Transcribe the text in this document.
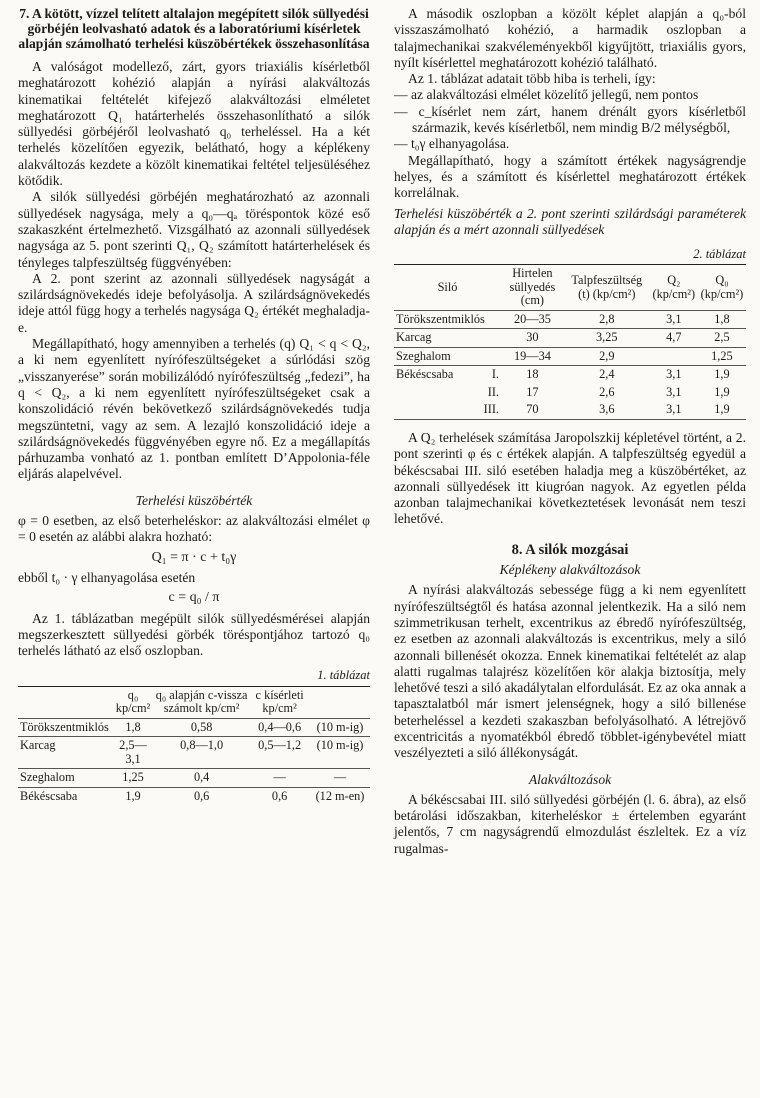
7. A kötött, vízzel telített altalajon megépített silók süllyedési görbéjén leolvasható adatok és a laboratóriumi kísérletek alapján számolható terhelési küszöbértékek összehasonlítása

A valóságot modellező, zárt, gyors triaxiális kísérletből meghatározott kohézió alapján a nyírási alakváltozás kinematikai feltételét kifejező alakváltozási elméletet meghatározott Q₁ határterhelés összehasonlítható a silók süllyedési görbéjéről leolvasható q₀ terheléssel. Ha a két terhelés közelítően egyezik, belátható, hogy a képlékeny alakváltozás kezdete a közölt kinematikai feltétel teljesüléséhez kötődik.

A silók süllyedési görbéjén meghatározható az azonnali süllyedések nagysága, mely a q₀—qₐ töréspontok közé eső szakaszként értelmezhető. Vizsgálható az azonnali süllyedések nagysága az 5. pont szerinti Q₁, Q₂ számított határterhelések és tényleges talpfeszültség függvényében:

A 2. pont szerint az azonnali süllyedések nagyságát a szilárdságnövekedés ideje befolyásolja. A szilárdságnövekedés ideje attól függ hogy a terhelés nagysága Q₂ értékét meghaladja-e.

Megállapítható, hogy amennyiben a terhelés (q) Q₁ < q < Q₂, a ki nem egyenlített nyírófeszültségeket a súrlódási szög „visszanyerése” során mobilizálódó nyírófeszültség „fedezi”, ha q < Q₂, a ki nem egyenlített nyírófeszültségeket csak a konszolidáció révén bekövetkező szilárdságnövekedés tudja megszüntetni, vagy az sem. A lezajló konszolidáció ideje a szilárdságnövekedés függvényében egyre nő. Ez a megállapítás párhuzamba vonható az 1. pontban említett D’Appolonia-féle eljárás alapelvével.

Terhelési küszöbérték

φ = 0 esetben, az első beterheléskor: az alakváltozási elmélet φ = 0 esetén az alábbi alakra hozható:

Q₁ = π · c + t₀γ

ebből t₀ · γ elhanyagolása esetén

c = q₀ / π

Az 1. táblázatban megépült silók süllyedésmérései alapján megszerkesztett süllyedési görbék töréspontjához tartozó q₀ terhelés látható az első oszlopban.

1. táblázat

	q₀ kp/cm²	q₀ alapján c-vissza számolt kp/cm²	c kísérleti kp/cm²	
Törökszentmiklós	1,8	0,58	0,4—0,6	(10 m-ig)
Karcag	2,5—3,1	0,8—1,0	0,5—1,2	(10 m-ig)
Szeghalom	1,25	0,4	—	—
Békéscsaba	1,9	0,6	0,6	(12 m-en)

A második oszlopban a közölt képlet alapján a q₀-ból visszaszámolható kohézió, a harmadik oszlopban a talajmechanikai szakvéleményekből kigyűjtött, triaxiális gyors, nyílt kísérlettel meghatározott kohézió található.

Az 1. táblázat adatait több hiba is terheli, így:

— az alakváltozási elmélet közelítő jellegű, nem pontos

— c_kísérlet nem zárt, hanem drénált gyors kísérletből származik, kevés kísérletből, nem mindig B/2 mélységből,

— t₀γ elhanyagolása.

Megállapítható, hogy a számított értékek nagyságrendje helyes, és a számított és kísérlettel meghatározott értékek korrelálnak.

Terhelési küszöbérték a 2. pont szerinti szilárdsági paraméterek alapján és a mért azonnali süllyedések

2. táblázat

Siló	Hirtelen süllyedés (cm)	Talpfeszültség (t) (kp/cm²)	Q₂ (kp/cm²)	Q₀ (kp/cm²)
Törökszentmiklós	20—35	2,8	3,1	1,8
Karcag	30	3,25	4,7	2,5
Szeghalom	19—34	2,9		1,25
Békéscsaba I.	18	2,4	3,1	1,9

II.	17	2,6	3,1	1,9

III.	70	3,6	3,1	1,9

A Q₂ terhelések számítása Jaropolszkij képletével történt, a 2. pont szerinti φ és c értékek alapján. A talpfeszültség egyedül a békéscsabai III. siló esetében haladja meg a küszöbértéket, az azonnali süllyedések itt kiugróan nagyok. Az egyetlen példa azonban talajmechanikai következtetések levonását nem teszi lehetővé.

8. A silók mozgásai

Képlékeny alakváltozások

A nyírási alakváltozás sebessége függ a ki nem egyenlített nyírófeszültségtől és hatása azonnal jelentkezik. Ha a siló nem szimmetrikusan terhelt, excentrikus az ébredő nyírófeszültség, ez esetben az azonnali alakváltozás is excentrikus, mely a siló azonnali billenését okozza. Ennek kinematikai feltételét az alap alatti rugalmas talajrész közelítően kör alakja biztosítja, mely lehetővé teszi a siló akadálytalan elfordulását. Ez az oka annak a tapasztalatból már ismert jelenségnek, hogy a siló billenése beterheléssel a kezdeti szakaszban befolyásolható. A létrejövő excentricitás a nyomatékból ébredő többlet-igénybevétel miatt veszélyezteti a siló állékonyságát.

Alakváltozások

A békéscsabai III. siló süllyedési görbéjén (l. 6. ábra), az első betárolási időszakban, kiterheléskor ± értelemben egyaránt jelentős, 7 cm nagyságrendű elmozdulást észleltek. Ez a víz rugalmas-
